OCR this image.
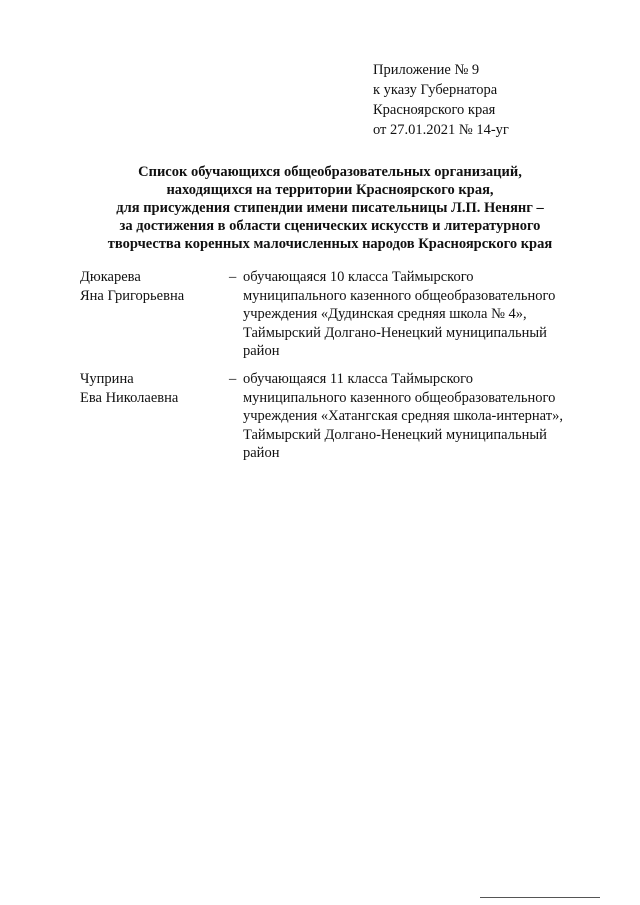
Приложение № 9
к указу Губернатора
Красноярского края
от 27.01.2021 № 14-уг
Список обучающихся общеобразовательных организаций,
находящихся на территории Красноярского края,
для присуждения стипендии имени писательницы Л.П. Ненянг –
за достижения в области сценических искусств и литературного
творчества коренных малочисленных народов Красноярского края
Дюкарева
Яна Григорьевна
– обучающаяся 10 класса Таймырского
муниципального казенного общеобразовательного
учреждения «Дудинская средняя школа № 4»,
Таймырский Долгано-Ненецкий муниципальный
район
Чуприна
Ева Николаевна
– обучающаяся 11 класса Таймырского
муниципального казенного общеобразовательного
учреждения «Хатангская средняя школа-интернат»,
Таймырский Долгано-Ненецкий муниципальный
район
